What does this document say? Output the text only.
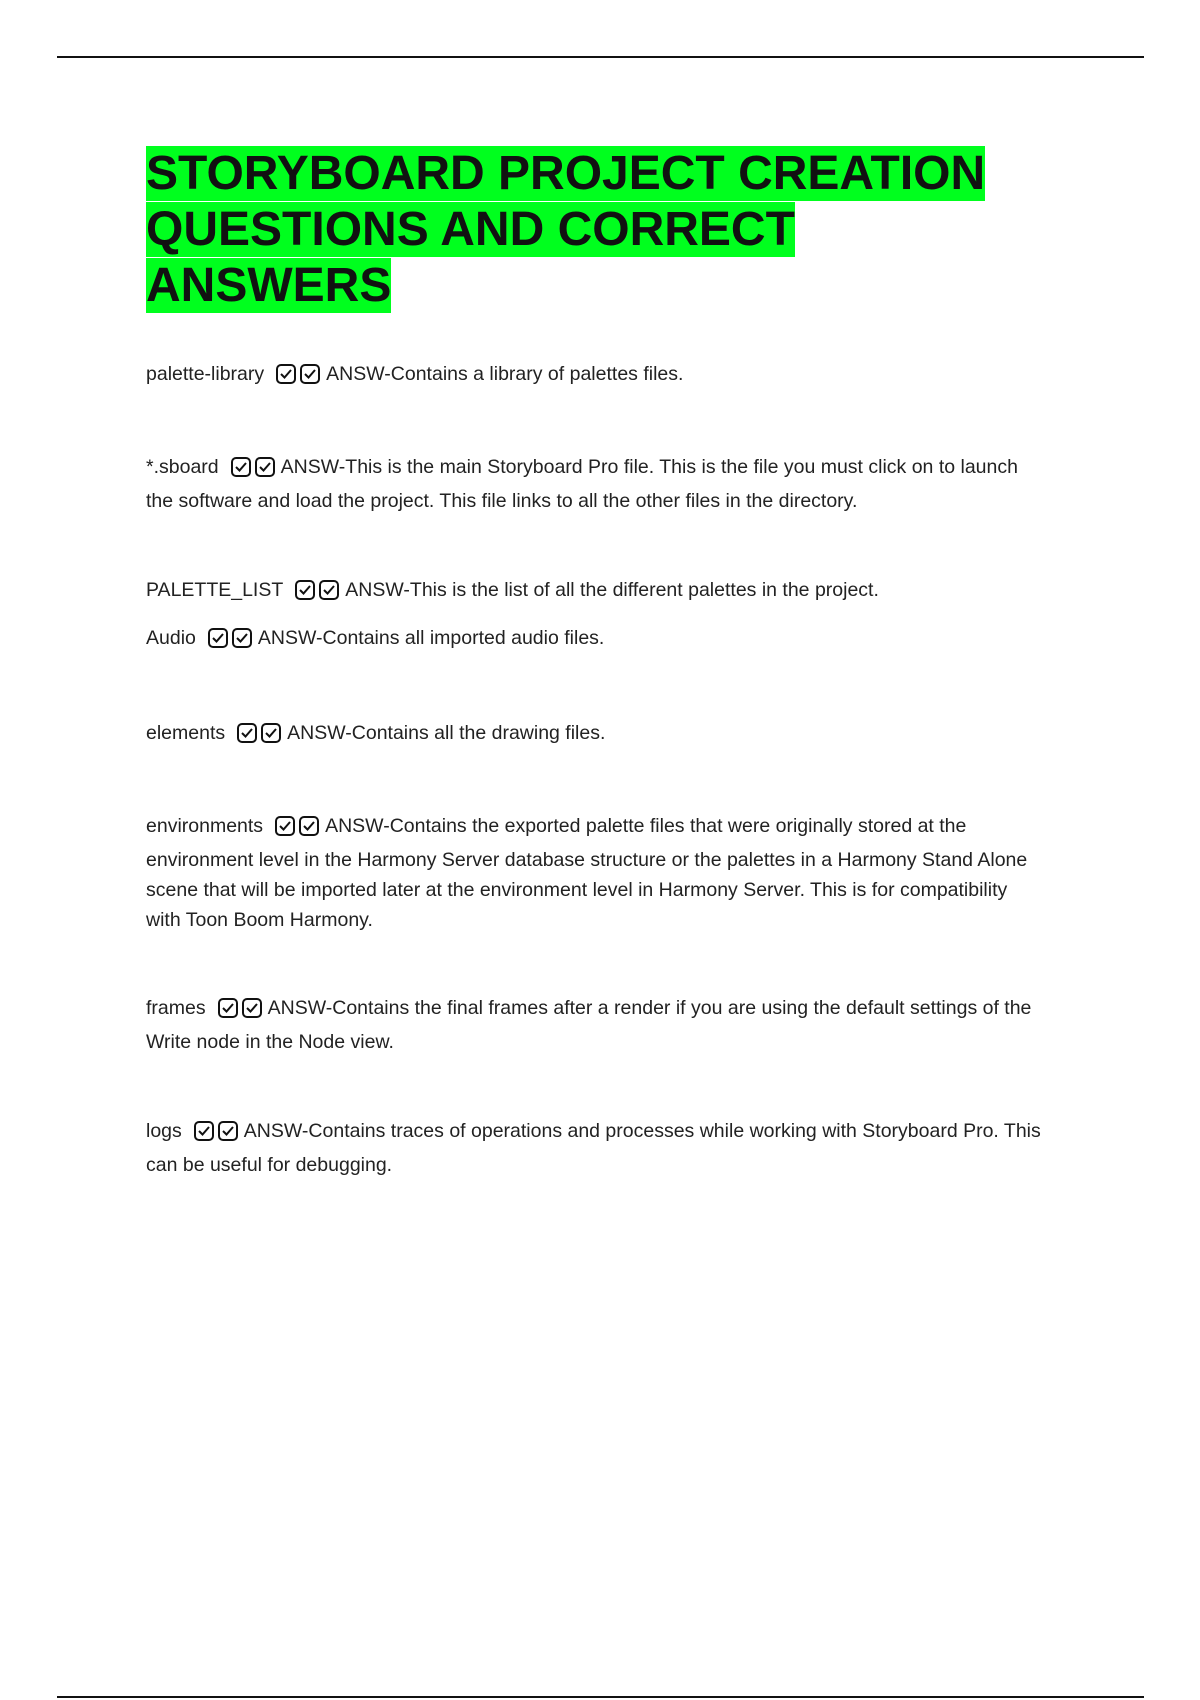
STORYBOARD PROJECT CREATION
QUESTIONS AND CORRECT
ANSWERS
palette-library	ANSW-Contains a library of palettes files.
*.sboard	ANSW-This is the main Storyboard Pro file. This is the file you must click on to launch the software and load the project. This file links to all the other files in the directory.
PALETTE_LIST	ANSW-This is the list of all the different palettes in the project.
Audio	ANSW-Contains all imported audio files.
elements	ANSW-Contains all the drawing files.
environments	ANSW-Contains the exported palette files that were originally stored at the environment level in the Harmony Server database structure or the palettes in a Harmony Stand Alone scene that will be imported later at the environment level in Harmony Server. This is for compatibility with Toon Boom Harmony.
frames	ANSW-Contains the final frames after a render if you are using the default settings of the Write node in the Node view.
logs	ANSW-Contains traces of operations and processes while working with Storyboard Pro. This can be useful for debugging.
